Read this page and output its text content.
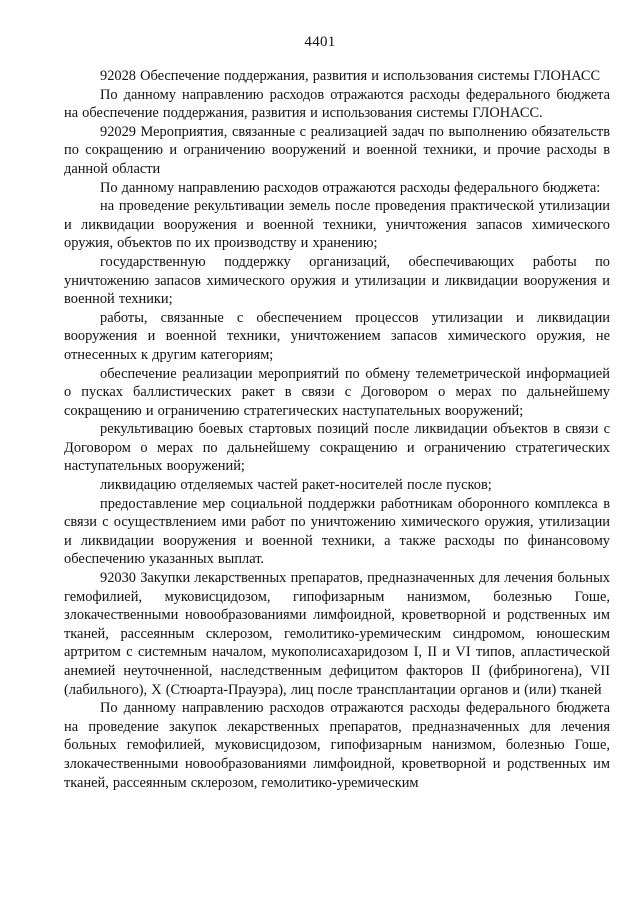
4401

92028 Обеспечение поддержания, развития и использования системы ГЛОНАСС

По данному направлению расходов отражаются расходы федерального бюджета на обеспечение поддержания, развития и использования системы ГЛОНАСС.

92029 Мероприятия, связанные с реализацией задач по выполнению обязательств по сокращению и ограничению вооружений и военной техники, и прочие расходы в данной области

По данному направлению расходов отражаются расходы федерального бюджета:

на проведение рекультивации земель после проведения практической утилизации и ликвидации вооружения и военной техники, уничтожения запасов химического оружия, объектов по их производству и хранению;

государственную поддержку организаций, обеспечивающих работы по уничтожению запасов химического оружия и утилизации и ликвидации вооружения и военной техники;

работы, связанные с обеспечением процессов утилизации и ликвидации вооружения и военной техники, уничтожением запасов химического оружия, не отнесенных к другим категориям;

обеспечение реализации мероприятий по обмену телеметрической информацией о пусках баллистических ракет в связи с Договором о мерах по дальнейшему сокращению и ограничению стратегических наступательных вооружений;

рекультивацию боевых стартовых позиций после ликвидации объектов в связи с Договором о мерах по дальнейшему сокращению и ограничению стратегических наступательных вооружений;

ликвидацию отделяемых частей ракет-носителей после пусков;

предоставление мер социальной поддержки работникам оборонного комплекса в связи с осуществлением ими работ по уничтожению химического оружия, утилизации и ликвидации вооружения и военной техники, а также расходы по финансовому обеспечению указанных выплат.

92030 Закупки лекарственных препаратов, предназначенных для лечения больных гемофилией, муковисцидозом, гипофизарным нанизмом, болезнью Гоше, злокачественными новообразованиями лимфоидной, кроветворной и родственных им тканей, рассеянным склерозом, гемолитико-уремическим синдромом, юношеским артритом с системным началом, мукополисахаридозом I, II и VI типов, апластической анемией неуточненной, наследственным дефицитом факторов II (фибриногена), VII (лабильного), X (Стюарта-Прауэра), лиц после трансплантации органов и (или) тканей

По данному направлению расходов отражаются расходы федерального бюджета на проведение закупок лекарственных препаратов, предназначенных для лечения больных гемофилией, муковисцидозом, гипофизарным нанизмом, болезнью Гоше, злокачественными новообразованиями лимфоидной, кроветворной и родственных им тканей, рассеянным склерозом, гемолитико-уремическим
